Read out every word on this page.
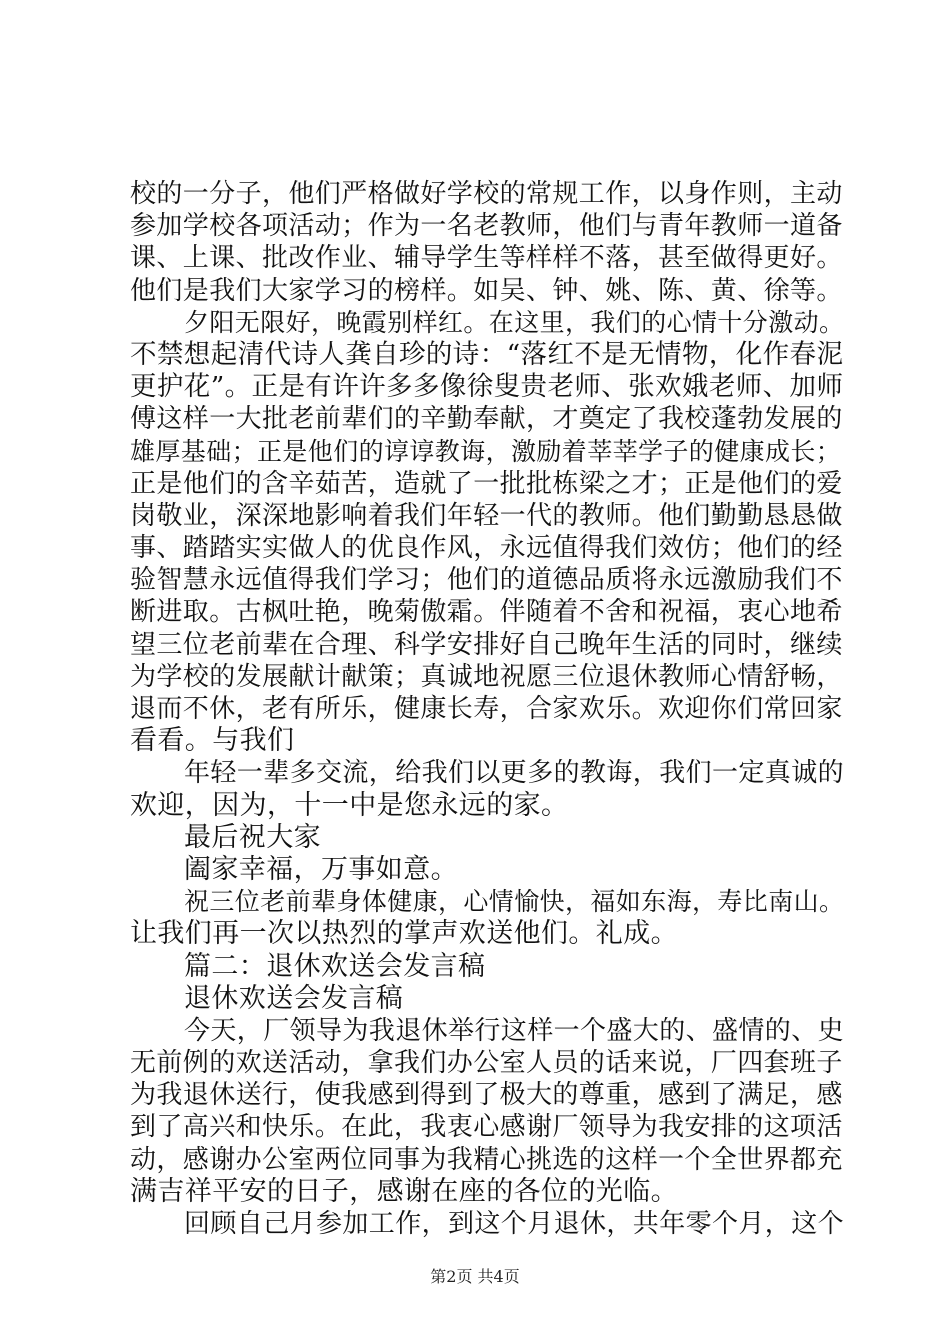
校的一分子，他们严格做好学校的常规工作，以身作则，主动
参加学校各项活动；作为一名老教师，他们与青年教师一道备
课、上课、批改作业、辅导学生等样样不落，甚至做得更好。
他们是我们大家学习的榜样。如吴、钟、姚、陈、黄、徐等。
夕阳无限好，晚霞别样红。在这里，我们的心情十分激动。
不禁想起清代诗人龚自珍的诗：“落红不是无情物，化作春泥
更护花”。正是有许许多多像徐叟贵老师、张欢娥老师、加师
傅这样一大批老前辈们的辛勤奉献，才奠定了我校蓬勃发展的
雄厚基础；正是他们的谆谆教诲，激励着莘莘学子的健康成长；
正是他们的含辛茹苦，造就了一批批栋梁之才；正是他们的爱
岗敬业，深深地影响着我们年轻一代的教师。他们勤勤恳恳做
事、踏踏实实做人的优良作风，永远值得我们效仿；他们的经
验智慧永远值得我们学习；他们的道德品质将永远激励我们不
断进取。古枫吐艳，晚菊傲霜。伴随着不舍和祝福，衷心地希
望三位老前辈在合理、科学安排好自己晚年生活的同时，继续
为学校的发展献计献策；真诚地祝愿三位退休教师心情舒畅，
退而不休，老有所乐，健康长寿，合家欢乐。欢迎你们常回家
看看。与我们
年轻一辈多交流，给我们以更多的教诲，我们一定真诚的
欢迎，因为，十一中是您永远的家。
最后祝大家
阖家幸福，万事如意。
祝三位老前辈身体健康，心情愉快，福如东海，寿比南山。
让我们再一次以热烈的掌声欢送他们。礼成。
篇二：退休欢送会发言稿
退休欢送会发言稿
今天，厂领导为我退休举行这样一个盛大的、盛情的、史
无前例的欢送活动，拿我们办公室人员的话来说，厂四套班子
为我退休送行，使我感到得到了极大的尊重，感到了满足，感
到了高兴和快乐。在此，我衷心感谢厂领导为我安排的这项活
动，感谢办公室两位同事为我精心挑选的这样一个全世界都充
满吉祥平安的日子，感谢在座的各位的光临。
回顾自己月参加工作，到这个月退休，共年零个月，这个
第2页 共4页
